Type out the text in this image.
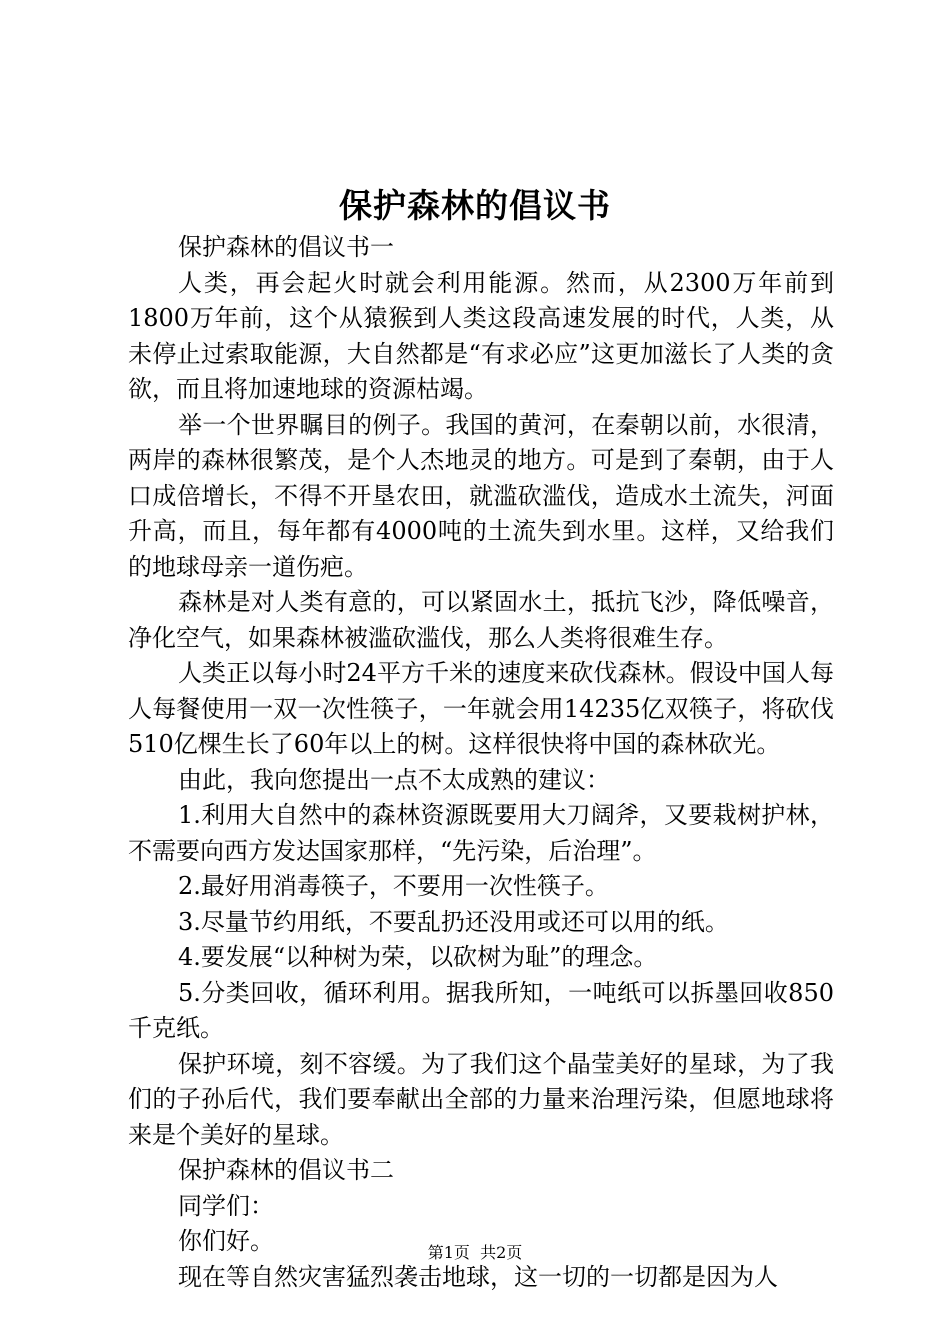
保护森林的倡议书

保护森林的倡议书一

人类，再会起火时就会利用能源。然而，从2300万年前到1800万年前，这个从猿猴到人类这段高速发展的时代，人类，从未停止过索取能源，大自然都是“有求必应”这更加滋长了人类的贪欲，而且将加速地球的资源枯竭。

举一个世界瞩目的例子。我国的黄河，在秦朝以前，水很清，两岸的森林很繁茂，是个人杰地灵的地方。可是到了秦朝，由于人口成倍增长，不得不开垦农田，就滥砍滥伐，造成水土流失，河面升高，而且，每年都有4000吨的土流失到水里。这样，又给我们的地球母亲一道伤疤。

森林是对人类有意的，可以紧固水土，抵抗飞沙，降低噪音，净化空气，如果森林被滥砍滥伐，那么人类将很难生存。

人类正以每小时24平方千米的速度来砍伐森林。假设中国人每人每餐使用一双一次性筷子，一年就会用14235亿双筷子，将砍伐510亿棵生长了60年以上的树。这样很快将中国的森林砍光。

由此，我向您提出一点不太成熟的建议：

1.利用大自然中的森林资源既要用大刀阔斧，又要栽树护林，不需要向西方发达国家那样，“先污染，后治理”。

2.最好用消毒筷子，不要用一次性筷子。

3.尽量节约用纸，不要乱扔还没用或还可以用的纸。

4.要发展“以种树为荣，以砍树为耻”的理念。

5.分类回收，循环利用。据我所知，一吨纸可以拆墨回收850千克纸。

保护环境，刻不容缓。为了我们这个晶莹美好的星球，为了我们的子孙后代，我们要奉献出全部的力量来治理污染，但愿地球将来是个美好的星球。

保护森林的倡议书二

同学们：

你们好。

现在等自然灾害猛烈袭击地球，这一切的一切都是因为人

第1页 共2页
